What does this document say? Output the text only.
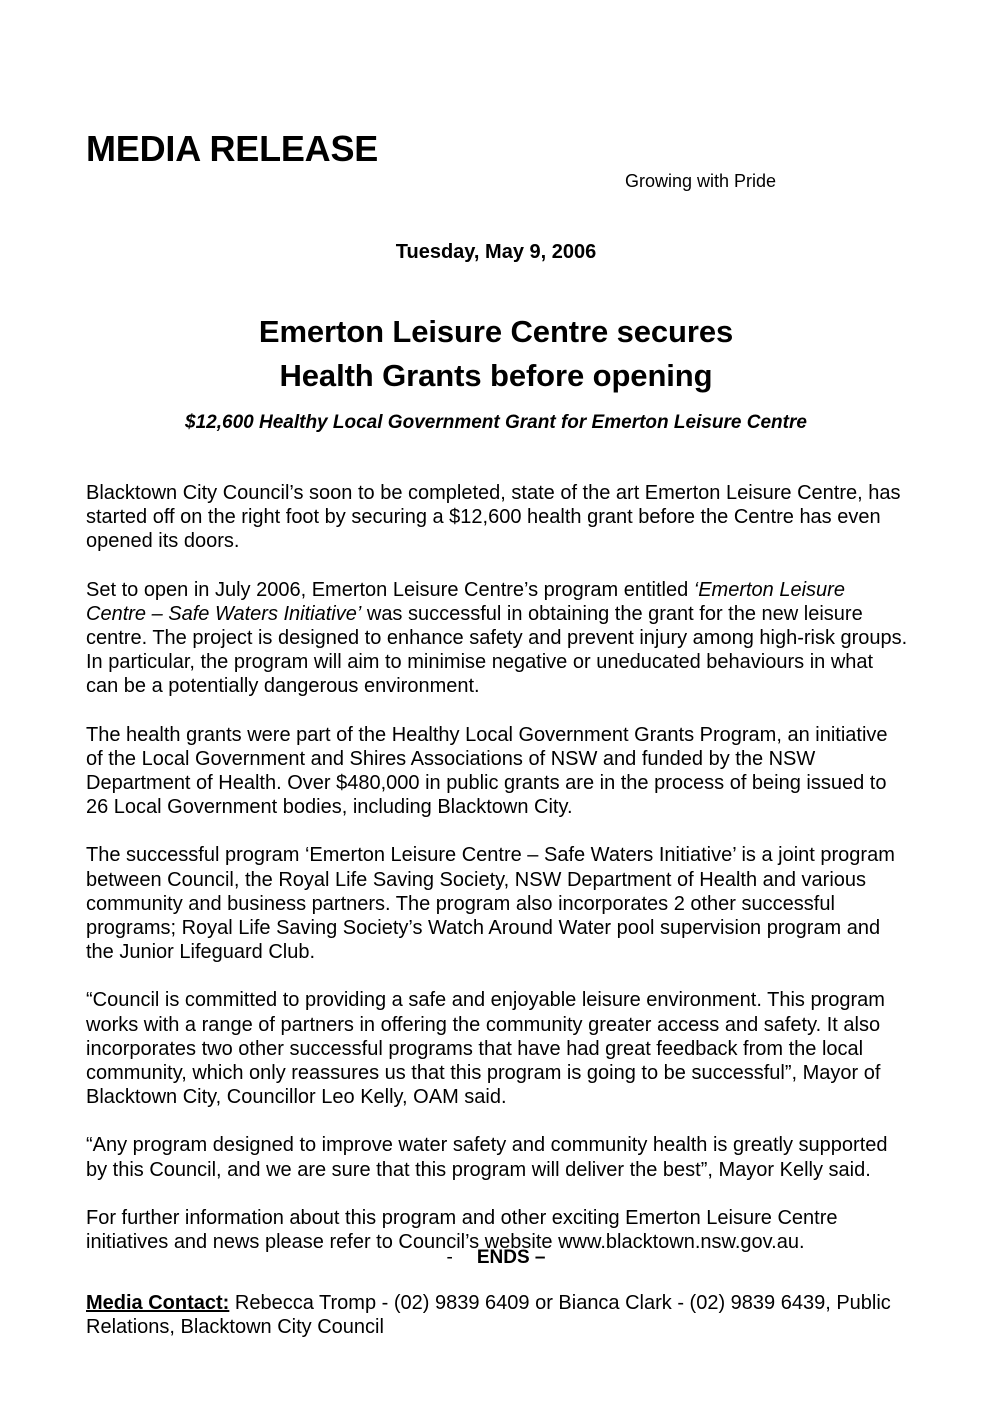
MEDIA RELEASE
Growing with Pride
Tuesday, May 9, 2006
Emerton Leisure Centre secures
Health Grants before opening
$12,600 Healthy Local Government Grant for Emerton Leisure Centre

Blacktown City Council’s soon to be completed, state of the art Emerton Leisure Centre, has started off on the right foot by securing a $12,600 health grant before the Centre has even opened its doors.

Set to open in July 2006, Emerton Leisure Centre’s program entitled ‘Emerton Leisure Centre – Safe Waters Initiative’ was successful in obtaining the grant for the new leisure centre. The project is designed to enhance safety and prevent injury among high-risk groups. In particular, the program will aim to minimise negative or uneducated behaviours in what can be a potentially dangerous environment.

The health grants were part of the Healthy Local Government Grants Program, an initiative of the Local Government and Shires Associations of NSW and funded by the NSW Department of Health. Over $480,000 in public grants are in the process of being issued to 26 Local Government bodies, including Blacktown City.

The successful program ‘Emerton Leisure Centre – Safe Waters Initiative’ is a joint program between Council, the Royal Life Saving Society, NSW Department of Health and various community and business partners. The program also incorporates 2 other successful programs; Royal Life Saving Society’s Watch Around Water pool supervision program and the Junior Lifeguard Club.

“Council is committed to providing a safe and enjoyable leisure environment. This program works with a range of partners in offering the community greater access and safety. It also incorporates two other successful programs that have had great feedback from the local community, which only reassures us that this program is going to be successful”, Mayor of Blacktown City, Councillor Leo Kelly, OAM said.

“Any program designed to improve water safety and community health is greatly supported by this Council, and we are sure that this program will deliver the best”, Mayor Kelly said.

For further information about this program and other exciting Emerton Leisure Centre initiatives and news please refer to Council’s website www.blacktown.nsw.gov.au.

- ENDS –
Media Contact: Rebecca Tromp - (02) 9839 6409 or Bianca Clark - (02) 9839 6439, Public Relations, Blacktown City Council
